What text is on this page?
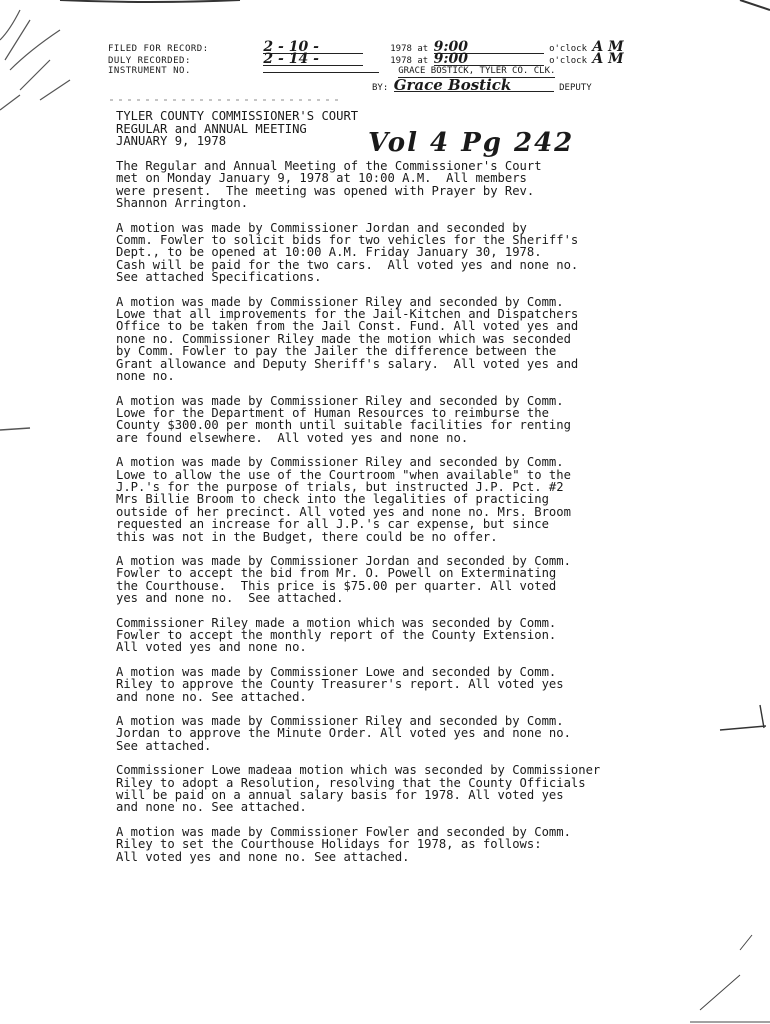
FILED FOR RECORD:	2 - 10 -	1978 at 9:00	o'clock A M
DULY RECORDED:	2 - 14 -	1978 at 9:00	o'clock A M
INSTRUMENT NO.	GRACE BOSTICK, TYLER CO. CLK.
BY: Grace Bostick	DEPUTY
TYLER COUNTY COMMISSIONER'S COURT
REGULAR and ANNUAL MEETING
JANUARY 9, 1978	Vol 4 Pg 242

The Regular and Annual Meeting of the Commissioner's Court
met on Monday January 9, 1978 at 10:00 A.M.  All members
were present.  The meeting was opened with Prayer by Rev.
Shannon Arrington.

A motion was made by Commissioner Jordan and seconded by
Comm. Fowler to solicit bids for two vehicles for the Sheriff's
Dept., to be opened at 10:00 A.M. Friday January 30, 1978.
Cash will be paid for the two cars.  All voted yes and none no.
See attached Specifications.

A motion was made by Commissioner Riley and seconded by Comm.
Lowe that all improvements for the Jail-Kitchen and Dispatchers
Office to be taken from the Jail Const. Fund. All voted yes and
none no. Commissioner Riley made the motion which was seconded
by Comm. Fowler to pay the Jailer the difference between the
Grant allowance and Deputy Sheriff's salary.  All voted yes and
none no.

A motion was made by Commissioner Riley and seconded by Comm.
Lowe for the Department of Human Resources to reimburse the
County $300.00 per month until suitable facilities for renting
are found elsewhere.  All voted yes and none no.

A motion was made by Commissioner Riley and seconded by Comm.
Lowe to allow the use of the Courtroom "when available" to the
J.P.'s for the purpose of trials, but instructed J.P. Pct. #2
Mrs Billie Broom to check into the legalities of practicing
outside of her precinct. All voted yes and none no. Mrs. Broom
requested an increase for all J.P.'s car expense, but since
this was not in the Budget, there could be no offer.

A motion was made by Commissioner Jordan and seconded by Comm.
Fowler to accept the bid from Mr. O. Powell on Exterminating
the Courthouse.  This price is $75.00 per quarter. All voted
yes and none no.  See attached.

Commissioner Riley made a motion which was seconded by Comm.
Fowler to accept the monthly report of the County Extension.
All voted yes and none no.

A motion was made by Commissioner Lowe and seconded by Comm.
Riley to approve the County Treasurer's report. All voted yes
and none no. See attached.

A motion was made by Commissioner Riley and seconded by Comm.
Jordan to approve the Minute Order. All voted yes and none no.
See attached.

Commissioner Lowe madeaa motion which was seconded by Commissioner
Riley to adopt a Resolution, resolving that the County Officials
will be paid on a annual salary basis for 1978. All voted yes
and none no. See attached.

A motion was made by Commissioner Fowler and seconded by Comm.
Riley to set the Courthouse Holidays for 1978, as follows:
All voted yes and none no. See attached.
